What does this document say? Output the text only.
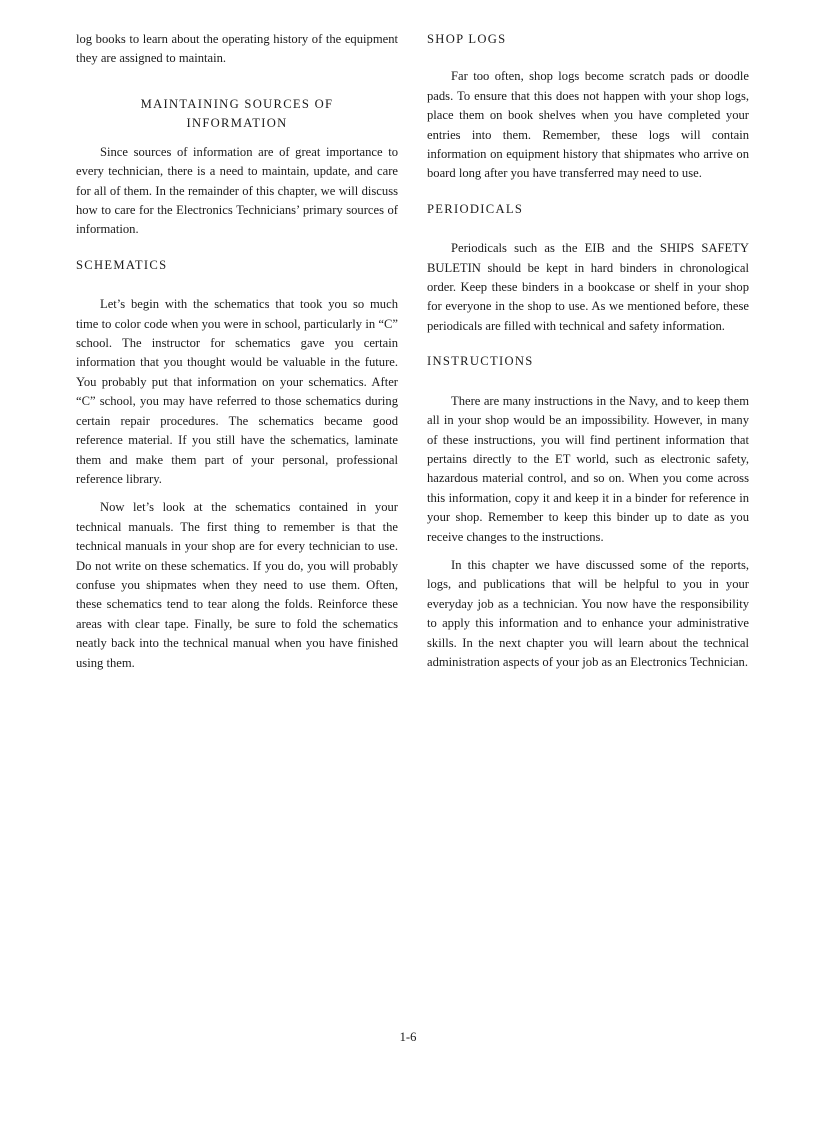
log books to learn about the operating history of the equipment they are assigned to maintain.

MAINTAINING SOURCES OF
INFORMATION

Since sources of information are of great importance to every technician, there is a need to maintain, update, and care for all of them. In the remainder of this chapter, we will discuss how to care for the Electronics Technicians’ primary sources of information.

SCHEMATICS

Let’s begin with the schematics that took you so much time to color code when you were in school, particularly in “C” school. The instructor for schematics gave you certain information that you thought would be valuable in the future. You probably put that information on your schematics. After “C” school, you may have referred to those schematics during certain repair procedures. The schematics became good reference material. If you still have the schematics, laminate them and make them part of your personal, professional reference library.

Now let’s look at the schematics contained in your technical manuals. The first thing to remember is that the technical manuals in your shop are for every technician to use. Do not write on these schematics. If you do, you will probably confuse you shipmates when they need to use them. Often, these schematics tend to tear along the folds. Reinforce these areas with clear tape. Finally, be sure to fold the schematics neatly back into the technical manual when you have finished using them.

SHOP LOGS

Far too often, shop logs become scratch pads or doodle pads. To ensure that this does not happen with your shop logs, place them on book shelves when you have completed your entries into them. Remember, these logs will contain information on equipment history that shipmates who arrive on board long after you have transferred may need to use.

PERIODICALS

Periodicals such as the EIB and the SHIPS SAFETY BULETIN should be kept in hard binders in chronological order. Keep these binders in a bookcase or shelf in your shop for everyone in the shop to use. As we mentioned before, these periodicals are filled with technical and safety information.

INSTRUCTIONS

There are many instructions in the Navy, and to keep them all in your shop would be an impossibility. However, in many of these instructions, you will find pertinent information that pertains directly to the ET world, such as electronic safety, hazardous material control, and so on. When you come across this information, copy it and keep it in a binder for reference in your shop. Remember to keep this binder up to date as you receive changes to the instructions.

In this chapter we have discussed some of the reports, logs, and publications that will be helpful to you in your everyday job as a technician. You now have the responsibility to apply this information and to enhance your administrative skills. In the next chapter you will learn about the technical administration aspects of your job as an Electronics Technician.

1-6
